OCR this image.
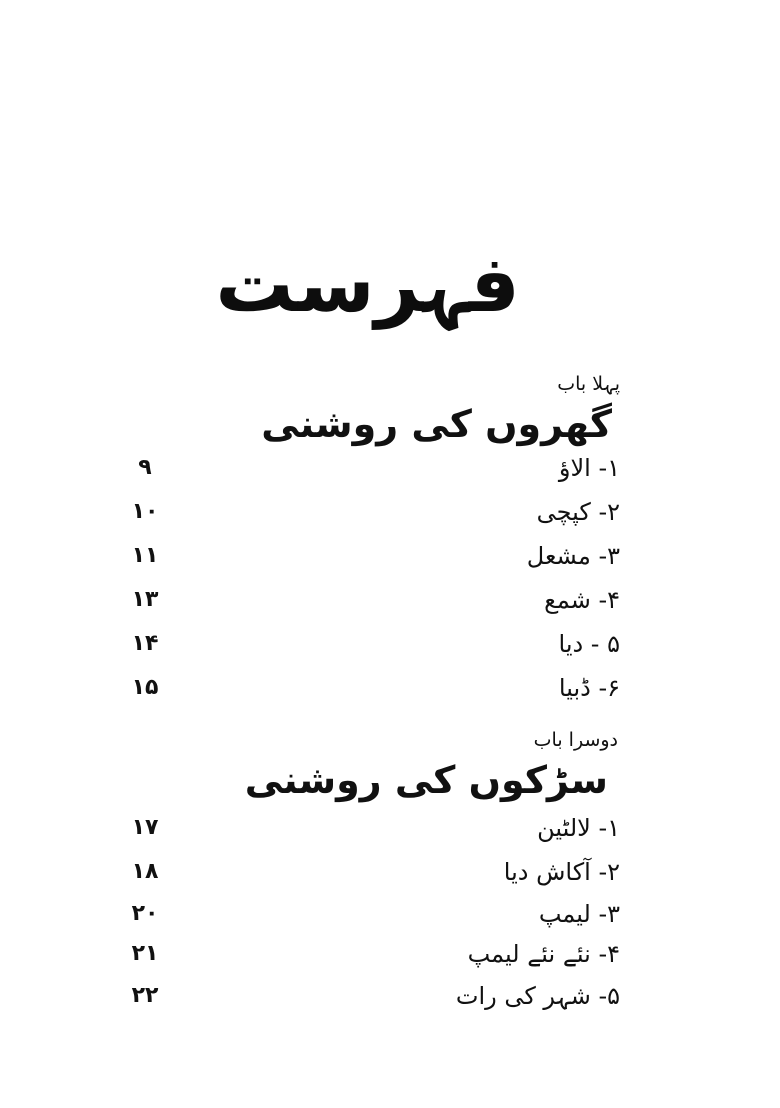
فہرست
پہلا باب
گھروں کی روشنی
۱- الاؤ
۹
۲- کپچی
۱۰
۳- مشعل
۱۱
۴- شمع
۱۳
۵ - دیا
۱۴
۶- ڈبیا
۱۵
دوسرا باب
سڑکوں کی روشنی
۱- لالٹین
۱۷
۲- آکاش دیا
۱۸
۳- لیمپ
۲۰
۴- نئے نئے لیمپ
۲۱
۵- شہر کی رات
۲۲
